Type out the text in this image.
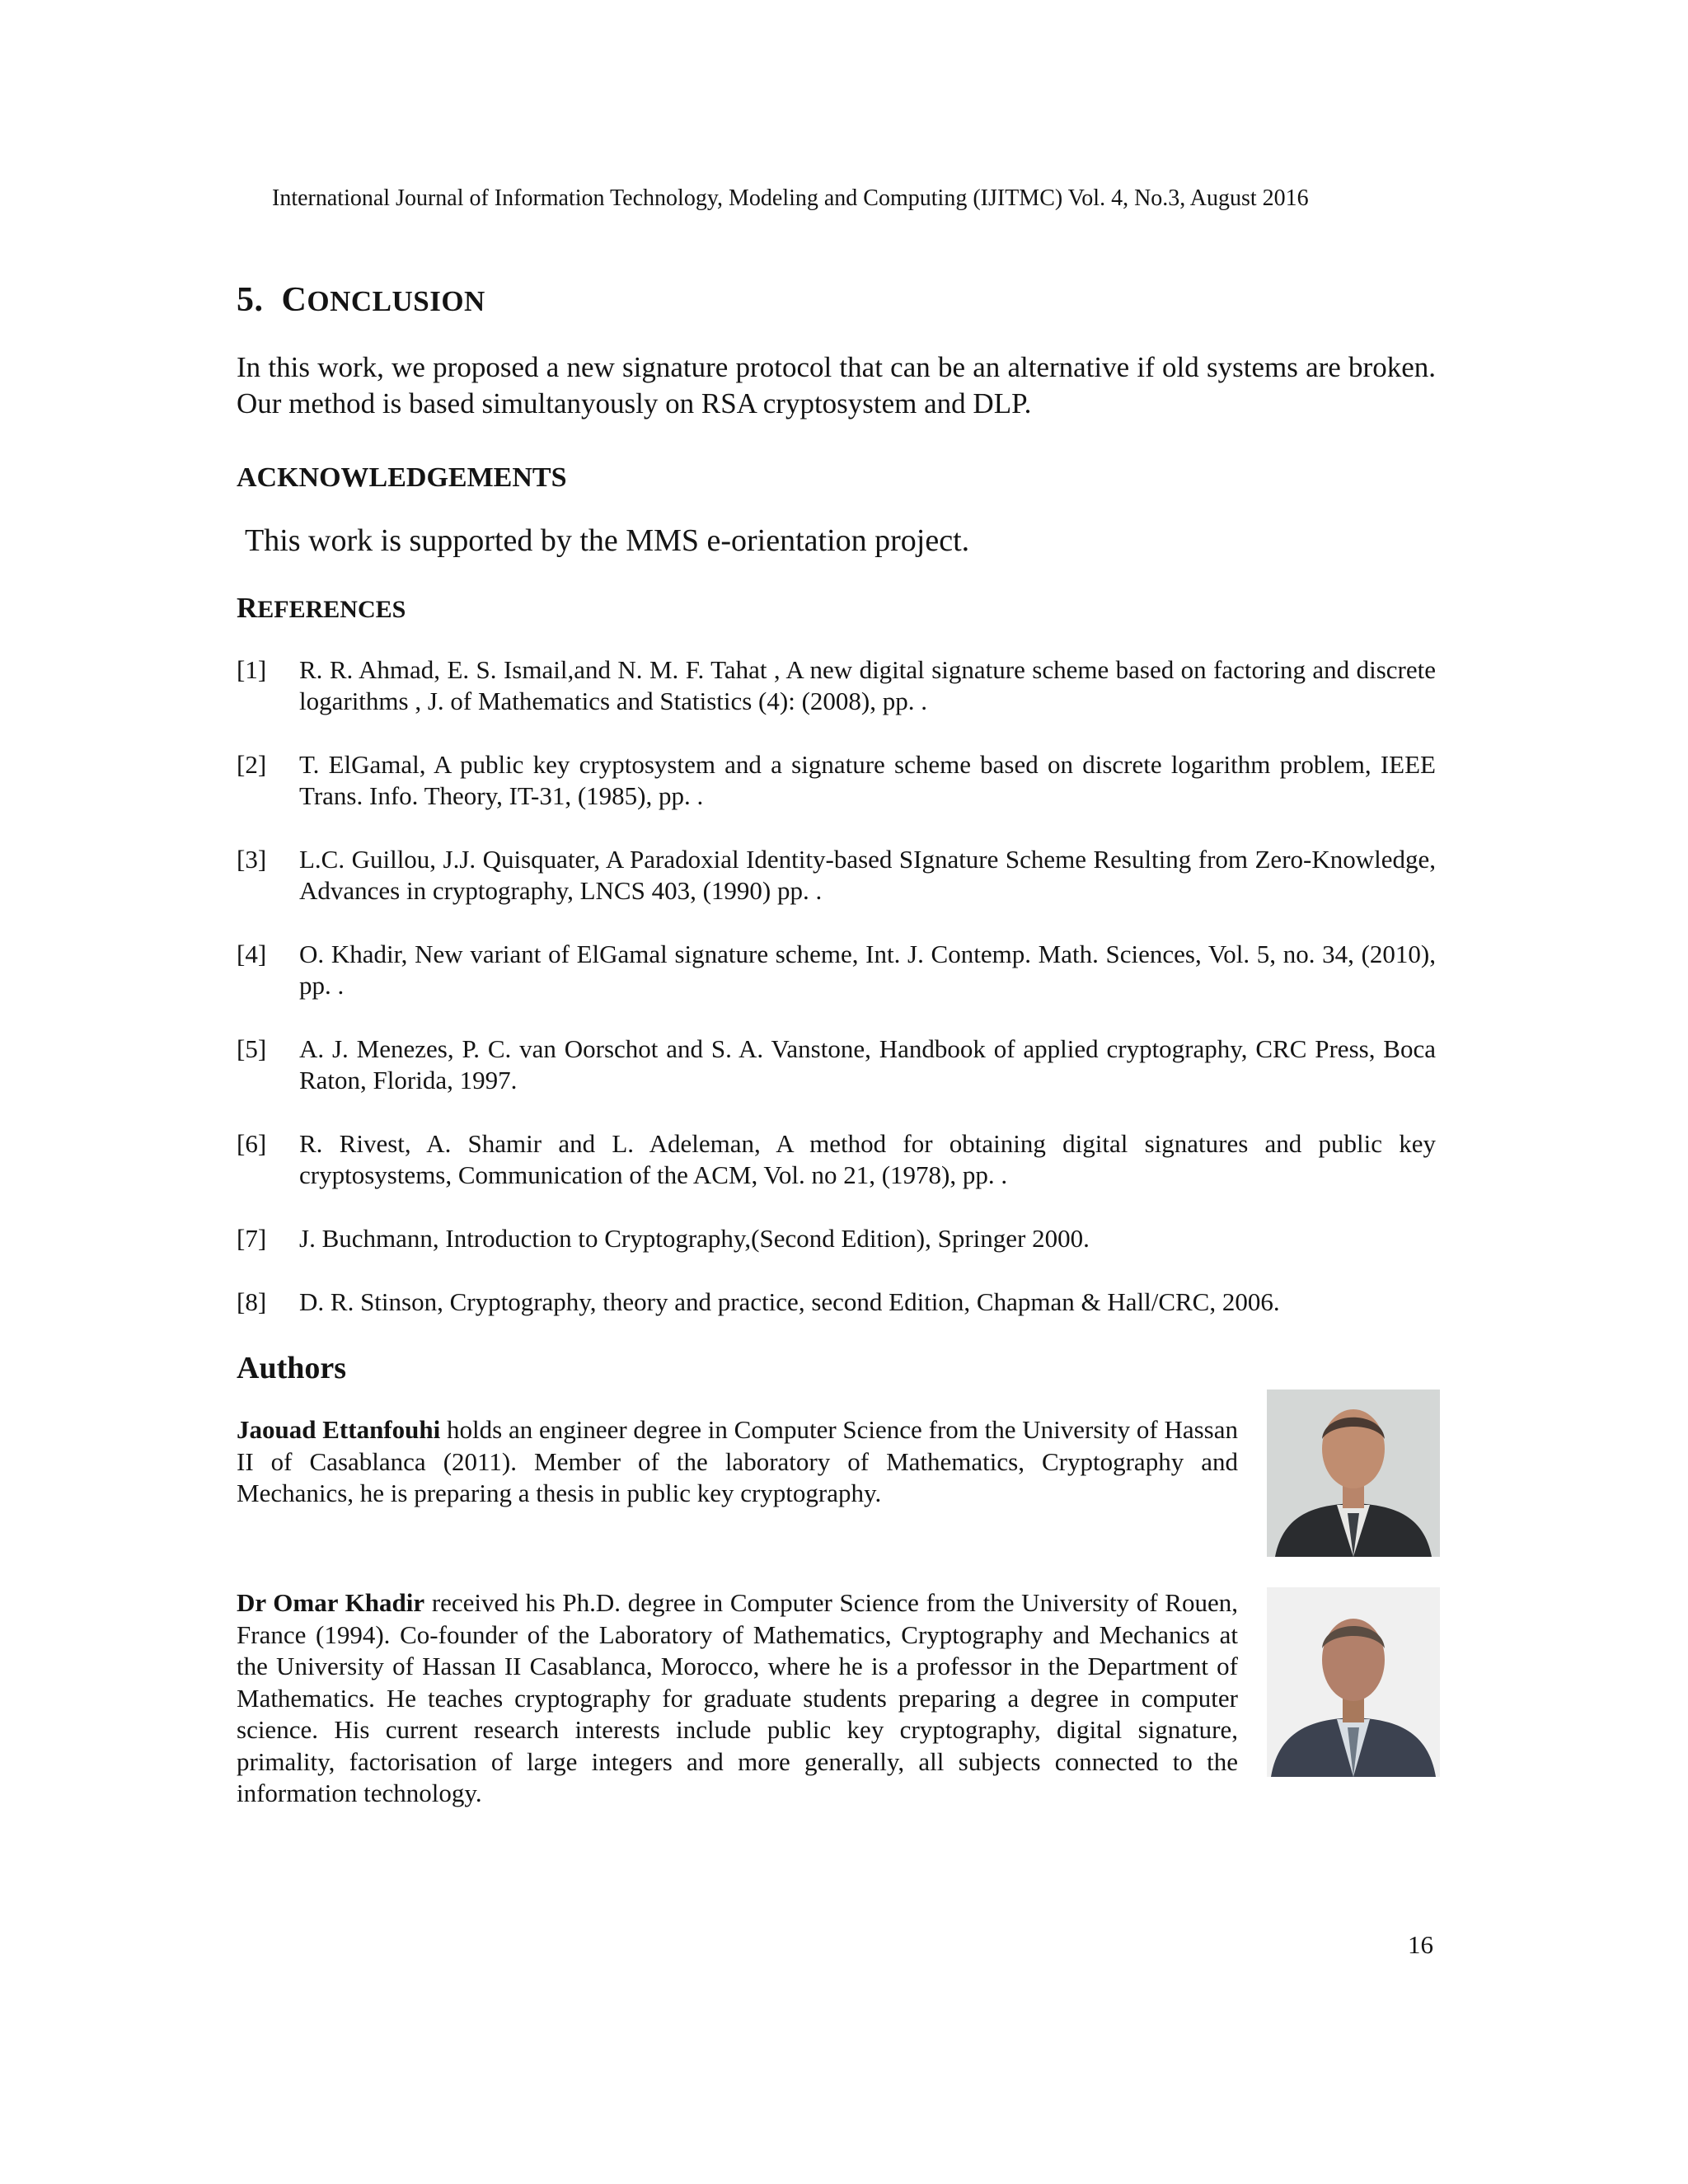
International Journal of Information Technology, Modeling and Computing (IJITMC) Vol. 4, No.3, August 2016
5. CONCLUSION

In this work, we proposed a new signature protocol that can be an alternative if old systems are broken. Our method is based simultanyously on RSA cryptosystem and DLP.

ACKNOWLEDGEMENTS

This work is supported by the MMS e-orientation project.

REFERENCES
[1] R. R. Ahmad, E. S. Ismail,and N. M. F. Tahat , A new digital signature scheme based on factoring and discrete logarithms , J. of Mathematics and Statistics (4): (2008), pp. .
[2] T. ElGamal, A public key cryptosystem and a signature scheme based on discrete logarithm problem, IEEE Trans. Info. Theory, IT-31, (1985), pp. .
[3] L.C. Guillou, J.J. Quisquater, A Paradoxial Identity-based SIgnature Scheme Resulting from Zero-Knowledge, Advances in cryptography, LNCS 403, (1990) pp. .
[4] O. Khadir, New variant of ElGamal signature scheme, Int. J. Contemp. Math. Sciences, Vol. 5, no. 34, (2010), pp. .
[5] A. J. Menezes, P. C. van Oorschot and S. A. Vanstone, Handbook of applied cryptography, CRC Press, Boca Raton, Florida, 1997.
[6] R. Rivest, A. Shamir and L. Adeleman, A method for obtaining digital signatures and public key cryptosystems, Communication of the ACM, Vol. no 21, (1978), pp. .
[7] J. Buchmann, Introduction to Cryptography,(Second Edition), Springer 2000.
[8] D. R. Stinson, Cryptography, theory and practice, second Edition, Chapman & Hall/CRC, 2006.
Authors

Jaouad Ettanfouhi holds an engineer degree in Computer Science from the University of Hassan II of Casablanca (2011). Member of the laboratory of Mathematics, Cryptography and Mechanics, he is preparing a thesis in public key cryptography.

Dr Omar Khadir received his Ph.D. degree in Computer Science from the University of Rouen, France (1994). Co-founder of the Laboratory of Mathematics, Cryptography and Mechanics at the University of Hassan II Casablanca, Morocco, where he is a professor in the Department of Mathematics. He teaches cryptography for graduate students preparing a degree in computer science. His current research interests include public key cryptography, digital signature, primality, factorisation of large integers and more generally, all subjects connected to the information technology.

16
